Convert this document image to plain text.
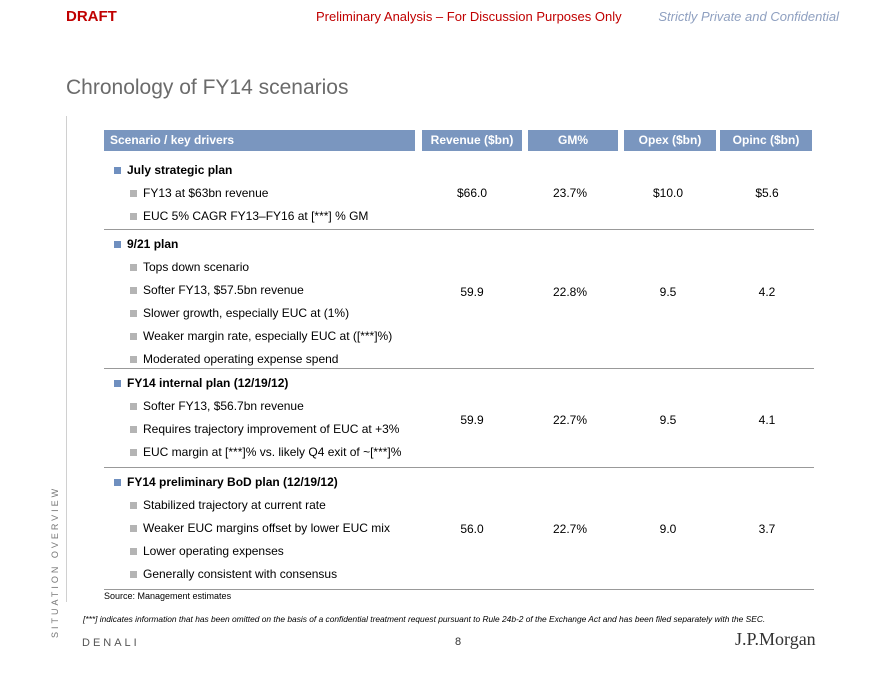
DRAFT	Preliminary Analysis – For Discussion Purposes Only	Strictly Private and Confidential
Chronology of FY14 scenarios
SITUATION OVERVIEW
Scenario / key drivers	Revenue ($bn)	GM%	Opex ($bn)	Opinc ($bn)
July strategic plan
FY13 at $63bn revenue
EUC 5% CAGR FY13–FY16 at [***] % GM
$66.0	23.7%	$10.0	$5.6
9/21 plan
Tops down scenario
Softer FY13, $57.5bn revenue
Slower growth, especially EUC at (1%)
Weaker margin rate, especially EUC at ([***]%)
Moderated operating expense spend
59.9	22.8%	9.5	4.2
FY14 internal plan (12/19/12)
Softer FY13, $56.7bn revenue
Requires trajectory improvement of EUC at +3%
EUC margin at [***]% vs. likely Q4 exit of ~[***]%
59.9	22.7%	9.5	4.1
FY14 preliminary BoD plan (12/19/12)
Stabilized trajectory at current rate
Weaker EUC margins offset by lower EUC mix
Lower operating expenses
Generally consistent with consensus
56.0	22.7%	9.0	3.7
Source: Management estimates
[***] indicates information that has been omitted on the basis of a confidential treatment request pursuant to Rule 24b-2 of the Exchange Act and has been filed separately with the SEC.
DENALI	8	J.P.Morgan
